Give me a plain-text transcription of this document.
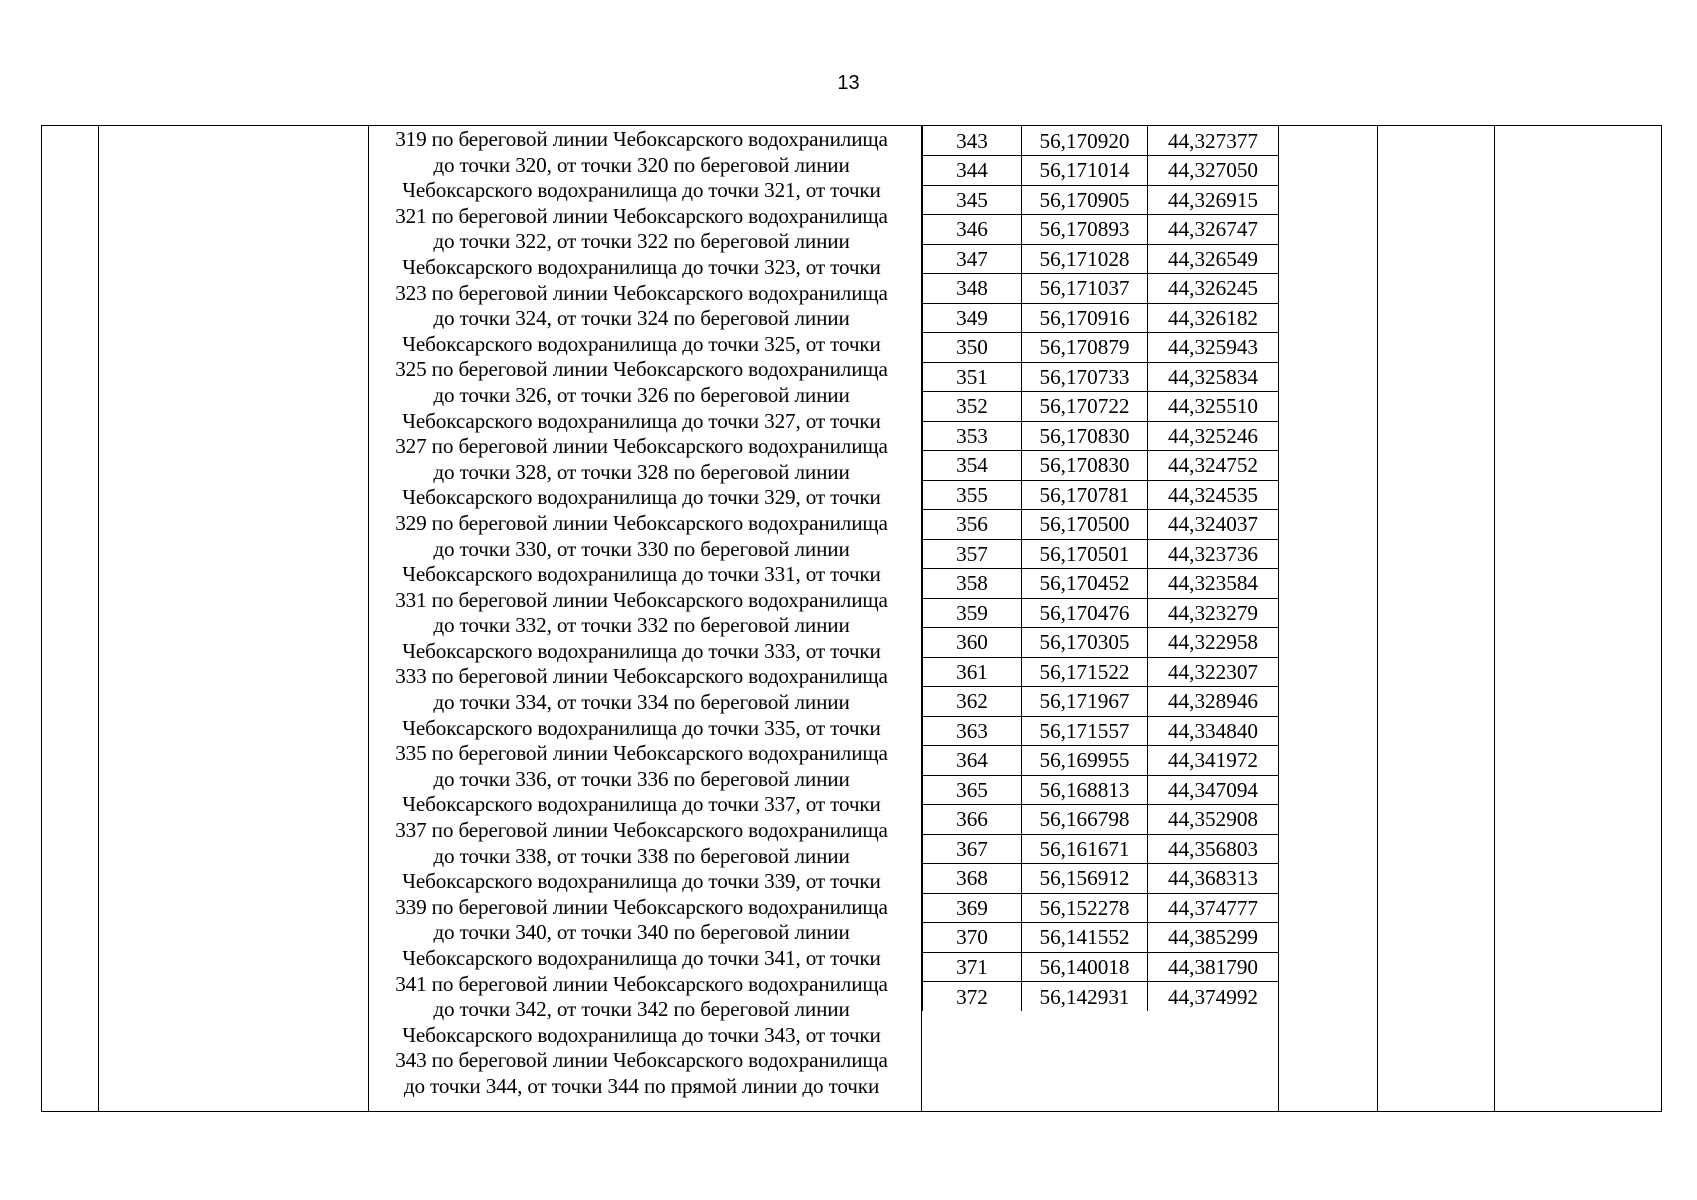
13
319 по береговой линии Чебоксарского водохранилища
до точки 320, от точки 320 по береговой линии
Чебоксарского водохранилища до точки 321, от точки
321 по береговой линии Чебоксарского водохранилища
до точки 322, от точки 322 по береговой линии
Чебоксарского водохранилища до точки 323, от точки
323 по береговой линии Чебоксарского водохранилища
до точки 324, от точки 324 по береговой линии
Чебоксарского водохранилища до точки 325, от точки
325 по береговой линии Чебоксарского водохранилища
до точки 326, от точки 326 по береговой линии
Чебоксарского водохранилища до точки 327, от точки
327 по береговой линии Чебоксарского водохранилища
до точки 328, от точки 328 по береговой линии
Чебоксарского водохранилища до точки 329, от точки
329 по береговой линии Чебоксарского водохранилища
до точки 330, от точки 330 по береговой линии
Чебоксарского водохранилища до точки 331, от точки
331 по береговой линии Чебоксарского водохранилища
до точки 332, от точки 332 по береговой линии
Чебоксарского водохранилища до точки 333, от точки
333 по береговой линии Чебоксарского водохранилища
до точки 334, от точки 334 по береговой линии
Чебоксарского водохранилища до точки 335, от точки
335 по береговой линии Чебоксарского водохранилища
до точки 336, от точки 336 по береговой линии
Чебоксарского водохранилища до точки 337, от точки
337 по береговой линии Чебоксарского водохранилища
до точки 338, от точки 338 по береговой линии
Чебоксарского водохранилища до точки 339, от точки
339 по береговой линии Чебоксарского водохранилища
до точки 340, от точки 340 по береговой линии
Чебоксарского водохранилища до точки 341, от точки
341 по береговой линии Чебоксарского водохранилища
до точки 342, от точки 342 по береговой линии
Чебоксарского водохранилища до точки 343, от точки
343 по береговой линии Чебоксарского водохранилища
до точки 344, от точки 344 по прямой линии до точки
343	56,170920	44,327377
344	56,171014	44,327050
345	56,170905	44,326915
346	56,170893	44,326747
347	56,171028	44,326549
348	56,171037	44,326245
349	56,170916	44,326182
350	56,170879	44,325943
351	56,170733	44,325834
352	56,170722	44,325510
353	56,170830	44,325246
354	56,170830	44,324752
355	56,170781	44,324535
356	56,170500	44,324037
357	56,170501	44,323736
358	56,170452	44,323584
359	56,170476	44,323279
360	56,170305	44,322958
361	56,171522	44,322307
362	56,171967	44,328946
363	56,171557	44,334840
364	56,169955	44,341972
365	56,168813	44,347094
366	56,166798	44,352908
367	56,161671	44,356803
368	56,156912	44,368313
369	56,152278	44,374777
370	56,141552	44,385299
371	56,140018	44,381790
372	56,142931	44,374992
